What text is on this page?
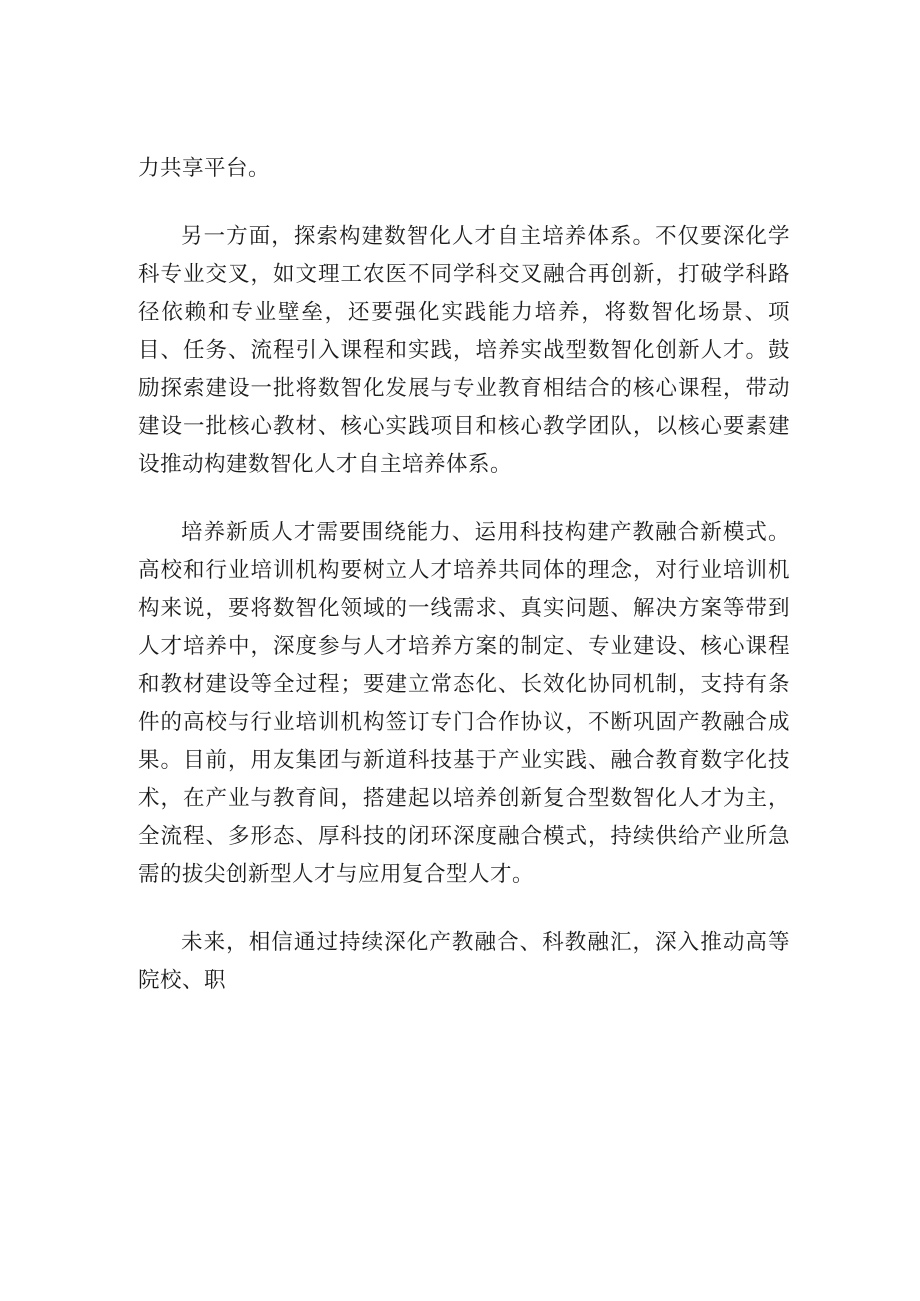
力共享平台。

另一方面，探索构建数智化人才自主培养体系。不仅要深化学科专业交叉，如文理工农医不同学科交叉融合再创新，打破学科路径依赖和专业壁垒，还要强化实践能力培养，将数智化场景、项目、任务、流程引入课程和实践，培养实战型数智化创新人才。鼓励探索建设一批将数智化发展与专业教育相结合的核心课程，带动建设一批核心教材、核心实践项目和核心教学团队，以核心要素建设推动构建数智化人才自主培养体系。

培养新质人才需要围绕能力、运用科技构建产教融合新模式。高校和行业培训机构要树立人才培养共同体的理念，对行业培训机构来说，要将数智化领域的一线需求、真实问题、解决方案等带到人才培养中，深度参与人才培养方案的制定、专业建设、核心课程和教材建设等全过程；要建立常态化、长效化协同机制，支持有条件的高校与行业培训机构签订专门合作协议，不断巩固产教融合成果。目前，用友集团与新道科技基于产业实践、融合教育数字化技术，在产业与教育间，搭建起以培养创新复合型数智化人才为主，全流程、多形态、厚科技的闭环深度融合模式，持续供给产业所急需的拔尖创新型人才与应用复合型人才。

未来，相信通过持续深化产教融合、科教融汇，深入推动高等院校、职
